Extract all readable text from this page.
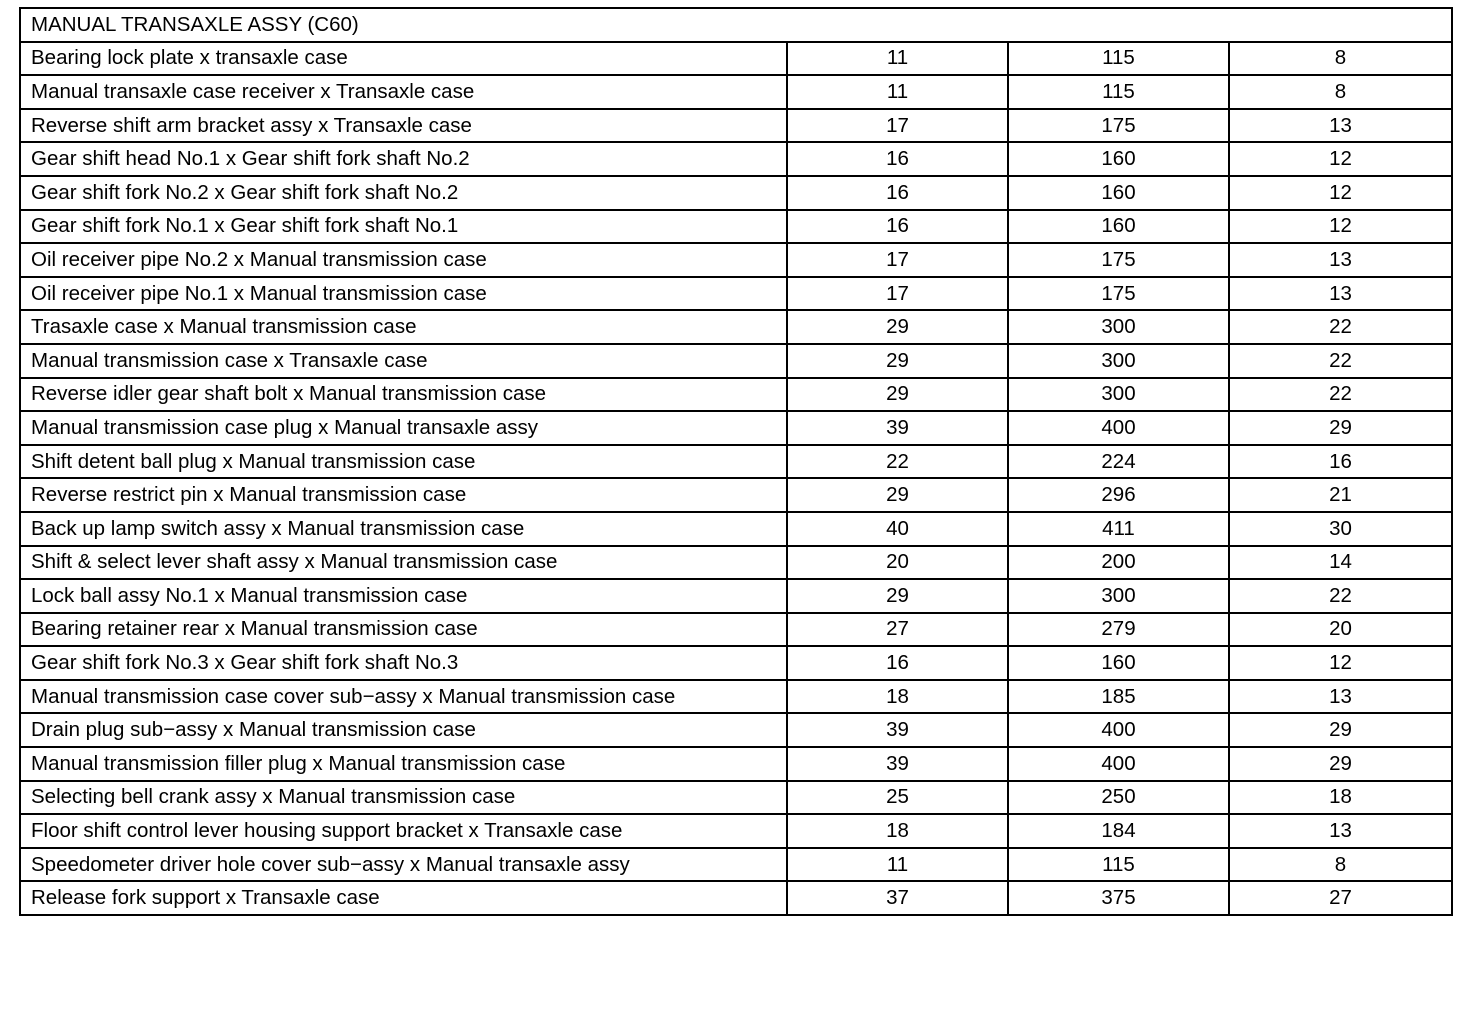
MANUAL TRANSAXLE ASSY (C60)			
Bearing lock plate x transaxle case	11	115	8
Manual transaxle case receiver x Transaxle case	11	115	8
Reverse shift arm bracket assy x Transaxle case	17	175	13
Gear shift head No.1 x Gear shift fork shaft No.2	16	160	12
Gear shift fork No.2 x Gear shift fork shaft No.2	16	160	12
Gear shift fork No.1 x Gear shift fork shaft No.1	16	160	12
Oil receiver pipe No.2 x Manual transmission case	17	175	13
Oil receiver pipe No.1 x Manual transmission case	17	175	13
Trasaxle case x Manual transmission case	29	300	22
Manual transmission case x Transaxle case	29	300	22
Reverse idler gear shaft bolt x Manual transmission case	29	300	22
Manual transmission case plug x Manual transaxle assy	39	400	29
Shift detent ball plug x Manual transmission case	22	224	16
Reverse restrict pin x Manual transmission case	29	296	21
Back up lamp switch assy x Manual transmission case	40	411	30
Shift & select lever shaft assy x Manual transmission case	20	200	14
Lock ball assy No.1 x Manual transmission case	29	300	22
Bearing retainer rear x Manual transmission case	27	279	20
Gear shift fork No.3 x Gear shift fork shaft No.3	16	160	12
Manual transmission case cover sub−assy x Manual transmission case	18	185	13
Drain plug sub−assy x Manual transmission case	39	400	29
Manual transmission filler plug x Manual transmission case	39	400	29
Selecting bell crank assy x Manual transmission case	25	250	18
Floor shift control lever housing support bracket x Transaxle case	18	184	13
Speedometer driver hole cover sub−assy x Manual transaxle assy	11	115	8
Release fork support x Transaxle case	37	375	27
